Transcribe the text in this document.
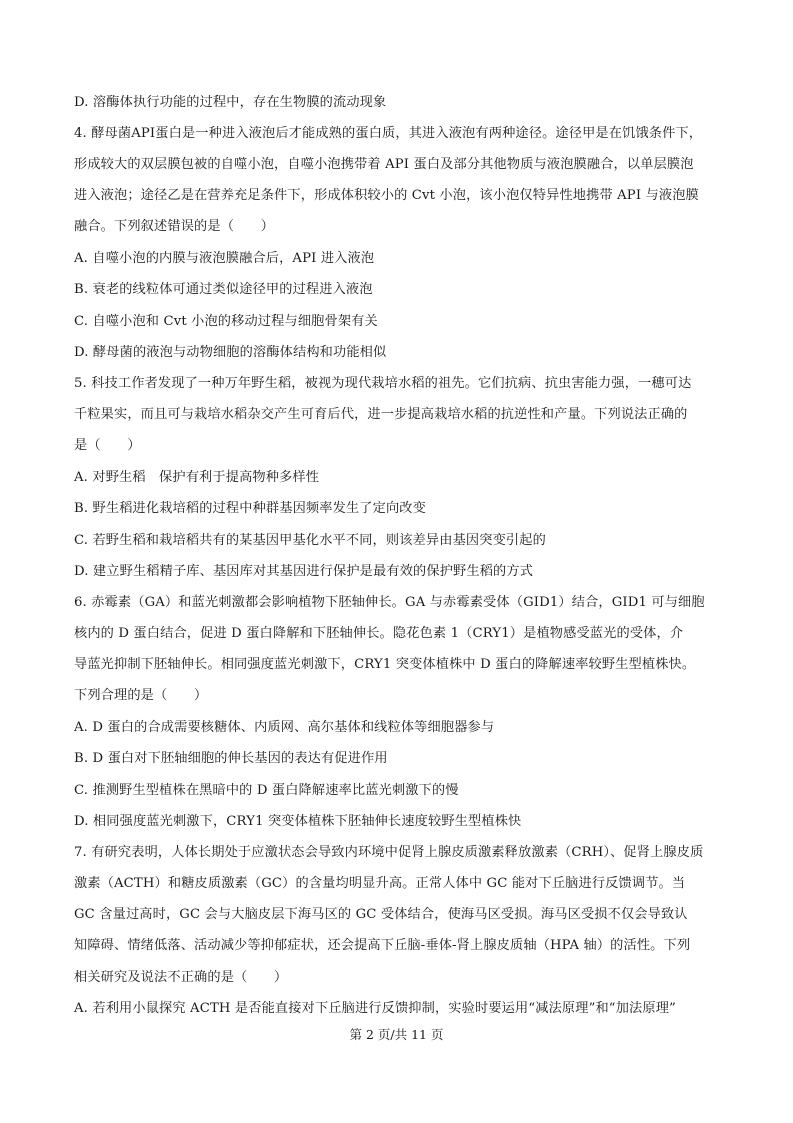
D. 溶酶体执行功能的过程中，存在生物膜的流动现象
4. 酵母菌API蛋白是一种进入液泡后才能成熟的蛋白质，其进入液泡有两种途径。途径甲是在饥饿条件下，
形成较大的双层膜包被的自噬小泡，自噬小泡携带着 API 蛋白及部分其他物质与液泡膜融合，以单层膜泡
进入液泡；途径乙是在营养充足条件下，形成体积较小的 Cvt 小泡，该小泡仅特异性地携带 API 与液泡膜
融合。下列叙述错误的是（　　）
A. 自噬小泡的内膜与液泡膜融合后，API 进入液泡
B. 衰老的线粒体可通过类似途径甲的过程进入液泡
C. 自噬小泡和 Cvt 小泡的移动过程与细胞骨架有关
D. 酵母菌的液泡与动物细胞的溶酶体结构和功能相似
5. 科技工作者发现了一种万年野生稻，被视为现代栽培水稻的祖先。它们抗病、抗虫害能力强，一穗可达
千粒果实，而且可与栽培水稻杂交产生可育后代，进一步提高栽培水稻的抗逆性和产量。下列说法正确的
是（　　）
A. 对野生稻　保护有利于提高物种多样性
B. 野生稻进化栽培稻的过程中种群基因频率发生了定向改变
C. 若野生稻和栽培稻共有的某基因甲基化水平不同，则该差异由基因突变引起的
D. 建立野生稻精子库、基因库对其基因进行保护是最有效的保护野生稻的方式
6. 赤霉素（GA）和蓝光刺激都会影响植物下胚轴伸长。GA 与赤霉素受体（GID1）结合，GID1 可与细胞
核内的 D 蛋白结合，促进 D 蛋白降解和下胚轴伸长。隐花色素 1（CRY1）是植物感受蓝光的受体，介
导蓝光抑制下胚轴伸长。相同强度蓝光刺激下，CRY1 突变体植株中 D 蛋白的降解速率较野生型植株快。
下列合理的是（　　）
A. D 蛋白的合成需要核糖体、内质网、高尔基体和线粒体等细胞器参与
B. D 蛋白对下胚轴细胞的伸长基因的表达有促进作用
C. 推测野生型植株在黑暗中的 D 蛋白降解速率比蓝光刺激下的慢
D. 相同强度蓝光刺激下，CRY1 突变体植株下胚轴伸长速度较野生型植株快
7. 有研究表明，人体长期处于应激状态会导致内环境中促肾上腺皮质激素释放激素（CRH）、促肾上腺皮质
激素（ACTH）和糖皮质激素（GC）的含量均明显升高。正常人体中 GC 能对下丘脑进行反馈调节。当
GC 含量过高时，GC 会与大脑皮层下海马区的 GC 受体结合，使海马区受损。海马区受损不仅会导致认
知障碍、情绪低落、活动减少等抑郁症状，还会提高下丘脑-垂体-肾上腺皮质轴（HPA 轴）的活性。下列
相关研究及说法不正确的是（　　）
A. 若利用小鼠探究 ACTH 是否能直接对下丘脑进行反馈抑制，实验时要运用“减法原理”和“加法原理”
第 2 页/共 11 页
